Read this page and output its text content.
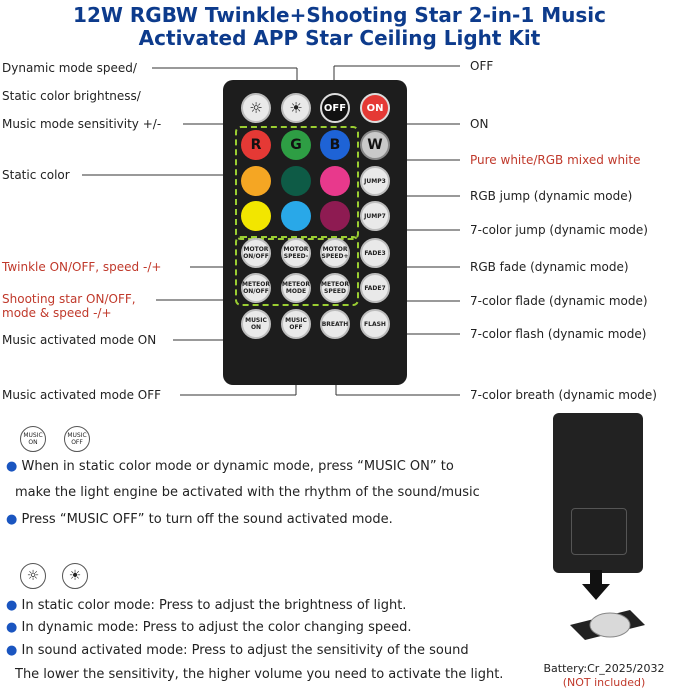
12W RGBW Twinkle+Shooting Star 2-in-1 Music
Activated APP Star Ceiling Light Kit
Dynamic mode speed/
Static color brightness/
Music mode sensitivity +/-
Static color
Twinkle ON/OFF, speed -/+
Shooting star ON/OFF,
mode & speed -/+
Music activated mode ON
Music activated mode OFF
OFF
ON
Pure white/RGB mixed white
RGB jump (dynamic mode)
7-color jump (dynamic mode)
RGB fade (dynamic mode)
7-color flade (dynamic mode)
7-color flash (dynamic mode)
7-color breath (dynamic mode)
☼ ☀	OFF	ON
R	G	B	W
JUMP3
JUMP7
MOTOR ON/OFF
MOTOR SPEED-
MOTOR SPEED+	FADE3
METEOR ON/OFF
METEOR MODE
METEOR SPEED	FADE7
MUSIC ON
MUSIC OFF	BREATH	FLASH
MUSIC ON
MUSIC OFF
● When in static color mode or dynamic mode, press “MUSIC ON” to
make the light engine be activated with the rhythm of the sound/music
● Press “MUSIC OFF” to turn off the sound activated mode.
☼	☀
● In static color mode: Press to adjust the brightness of light.
● In dynamic mode: Press to adjust the color changing speed.
● In sound activated mode: Press to adjust the sensitivity of the sound
The lower the sensitivity, the higher volume you need to activate the light.	Battery:Cr_2025/2032
(NOT included)
